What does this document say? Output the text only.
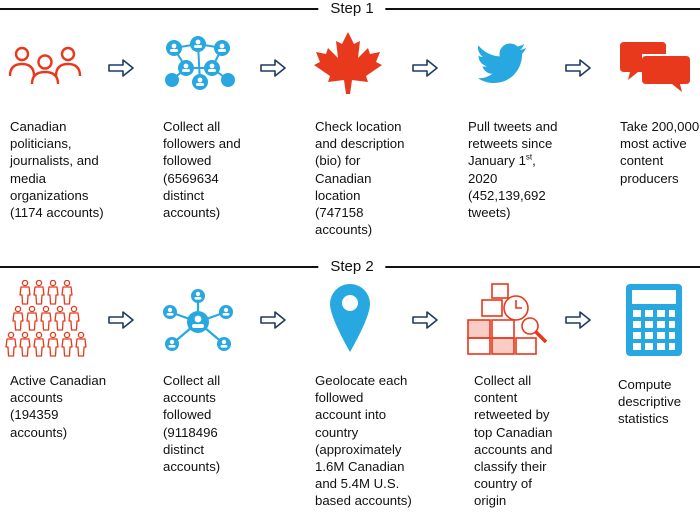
Step 1
Canadian
politicians,
journalists, and
media
organizations
(1174 accounts)
Collect all
followers and
followed
(6569634
distinct
accounts)
Check location
and description
(bio) for
Canadian
location
(747158
accounts)
Pull tweets and
retweets since
January 1st,
2020
(452,139,692
tweets)
Take 200,000
most active
content
producers
Step 2
Active Canadian
accounts
(194359
accounts)
Collect all
accounts
followed
(9118496
distinct
accounts)
Geolocate each
followed
account into
country
(approximately
1.6M Canadian
and 5.4M U.S.
based accounts)
Collect all
content
retweeted by
top Canadian
accounts and
classify their
country of
origin
Compute
descriptive
statistics
